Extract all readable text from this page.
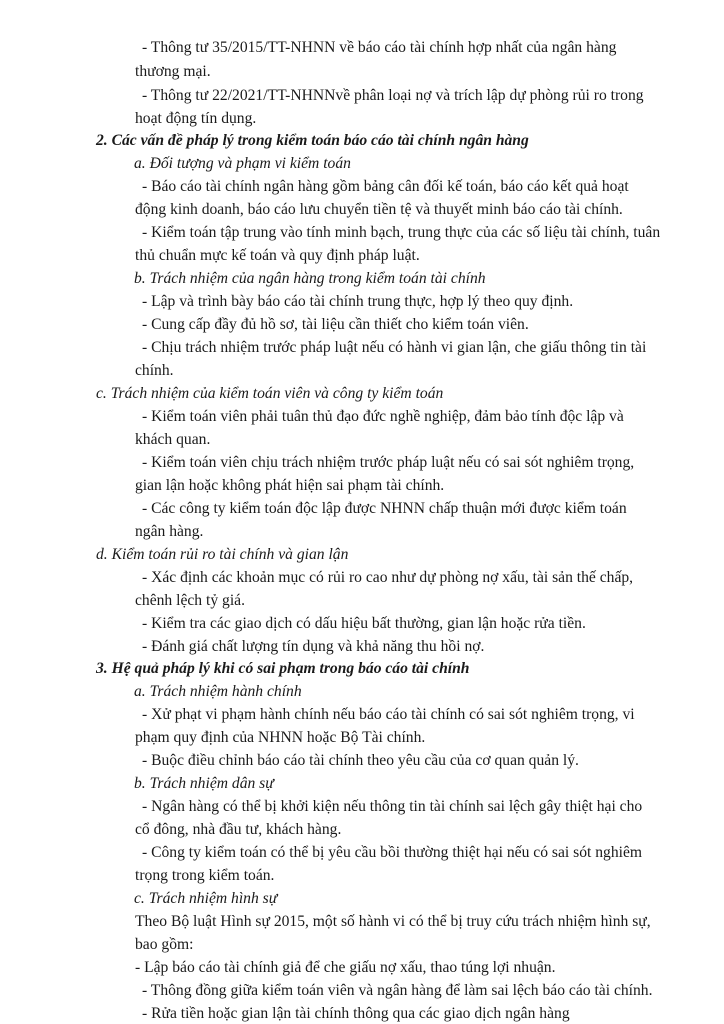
- Thông tư 35/2015/TT-NHNN về báo cáo tài chính hợp nhất của ngân hàng
thương mại.
- Thông tư 22/2021/TT-NHNNvề phân loại nợ và trích lập dự phòng rủi ro trong
hoạt động tín dụng.
2. Các vấn đề pháp lý trong kiểm toán báo cáo tài chính ngân hàng
a. Đối tượng và phạm vi kiểm toán
- Báo cáo tài chính ngân hàng gồm bảng cân đối kế toán, báo cáo kết quả hoạt
động kinh doanh, báo cáo lưu chuyển tiền tệ và thuyết minh báo cáo tài chính.
- Kiểm toán tập trung vào tính minh bạch, trung thực của các số liệu tài chính, tuân
thủ chuẩn mực kế toán và quy định pháp luật.
b. Trách nhiệm của ngân hàng trong kiểm toán tài chính
- Lập và trình bày báo cáo tài chính trung thực, hợp lý theo quy định.
- Cung cấp đầy đủ hồ sơ, tài liệu cần thiết cho kiểm toán viên.
- Chịu trách nhiệm trước pháp luật nếu có hành vi gian lận, che giấu thông tin tài
chính.
c. Trách nhiệm của kiểm toán viên và công ty kiểm toán
- Kiểm toán viên phải tuân thủ đạo đức nghề nghiệp, đảm bảo tính độc lập và
khách quan.
- Kiểm toán viên chịu trách nhiệm trước pháp luật nếu có sai sót nghiêm trọng,
gian lận hoặc không phát hiện sai phạm tài chính.
- Các công ty kiểm toán độc lập được NHNN chấp thuận mới được kiểm toán
ngân hàng.
d. Kiểm toán rủi ro tài chính và gian lận
- Xác định các khoản mục có rủi ro cao như dự phòng nợ xấu, tài sản thế chấp,
chênh lệch tỷ giá.
- Kiểm tra các giao dịch có dấu hiệu bất thường, gian lận hoặc rửa tiền.
- Đánh giá chất lượng tín dụng và khả năng thu hồi nợ.
3. Hệ quả pháp lý khi có sai phạm trong báo cáo tài chính
a. Trách nhiệm hành chính
- Xử phạt vi phạm hành chính nếu báo cáo tài chính có sai sót nghiêm trọng, vi
phạm quy định của NHNN hoặc Bộ Tài chính.
- Buộc điều chỉnh báo cáo tài chính theo yêu cầu của cơ quan quản lý.
b. Trách nhiệm dân sự
- Ngân hàng có thể bị khởi kiện nếu thông tin tài chính sai lệch gây thiệt hại cho
cổ đông, nhà đầu tư, khách hàng.
- Công ty kiểm toán có thể bị yêu cầu bồi thường thiệt hại nếu có sai sót nghiêm
trọng trong kiểm toán.
c. Trách nhiệm hình sự
Theo Bộ luật Hình sự 2015, một số hành vi có thể bị truy cứu trách nhiệm hình sự,
bao gồm:
- Lập báo cáo tài chính giả để che giấu nợ xấu, thao túng lợi nhuận.
- Thông đồng giữa kiểm toán viên và ngân hàng để làm sai lệch báo cáo tài chính.
- Rửa tiền hoặc gian lận tài chính thông qua các giao dịch ngân hàng
